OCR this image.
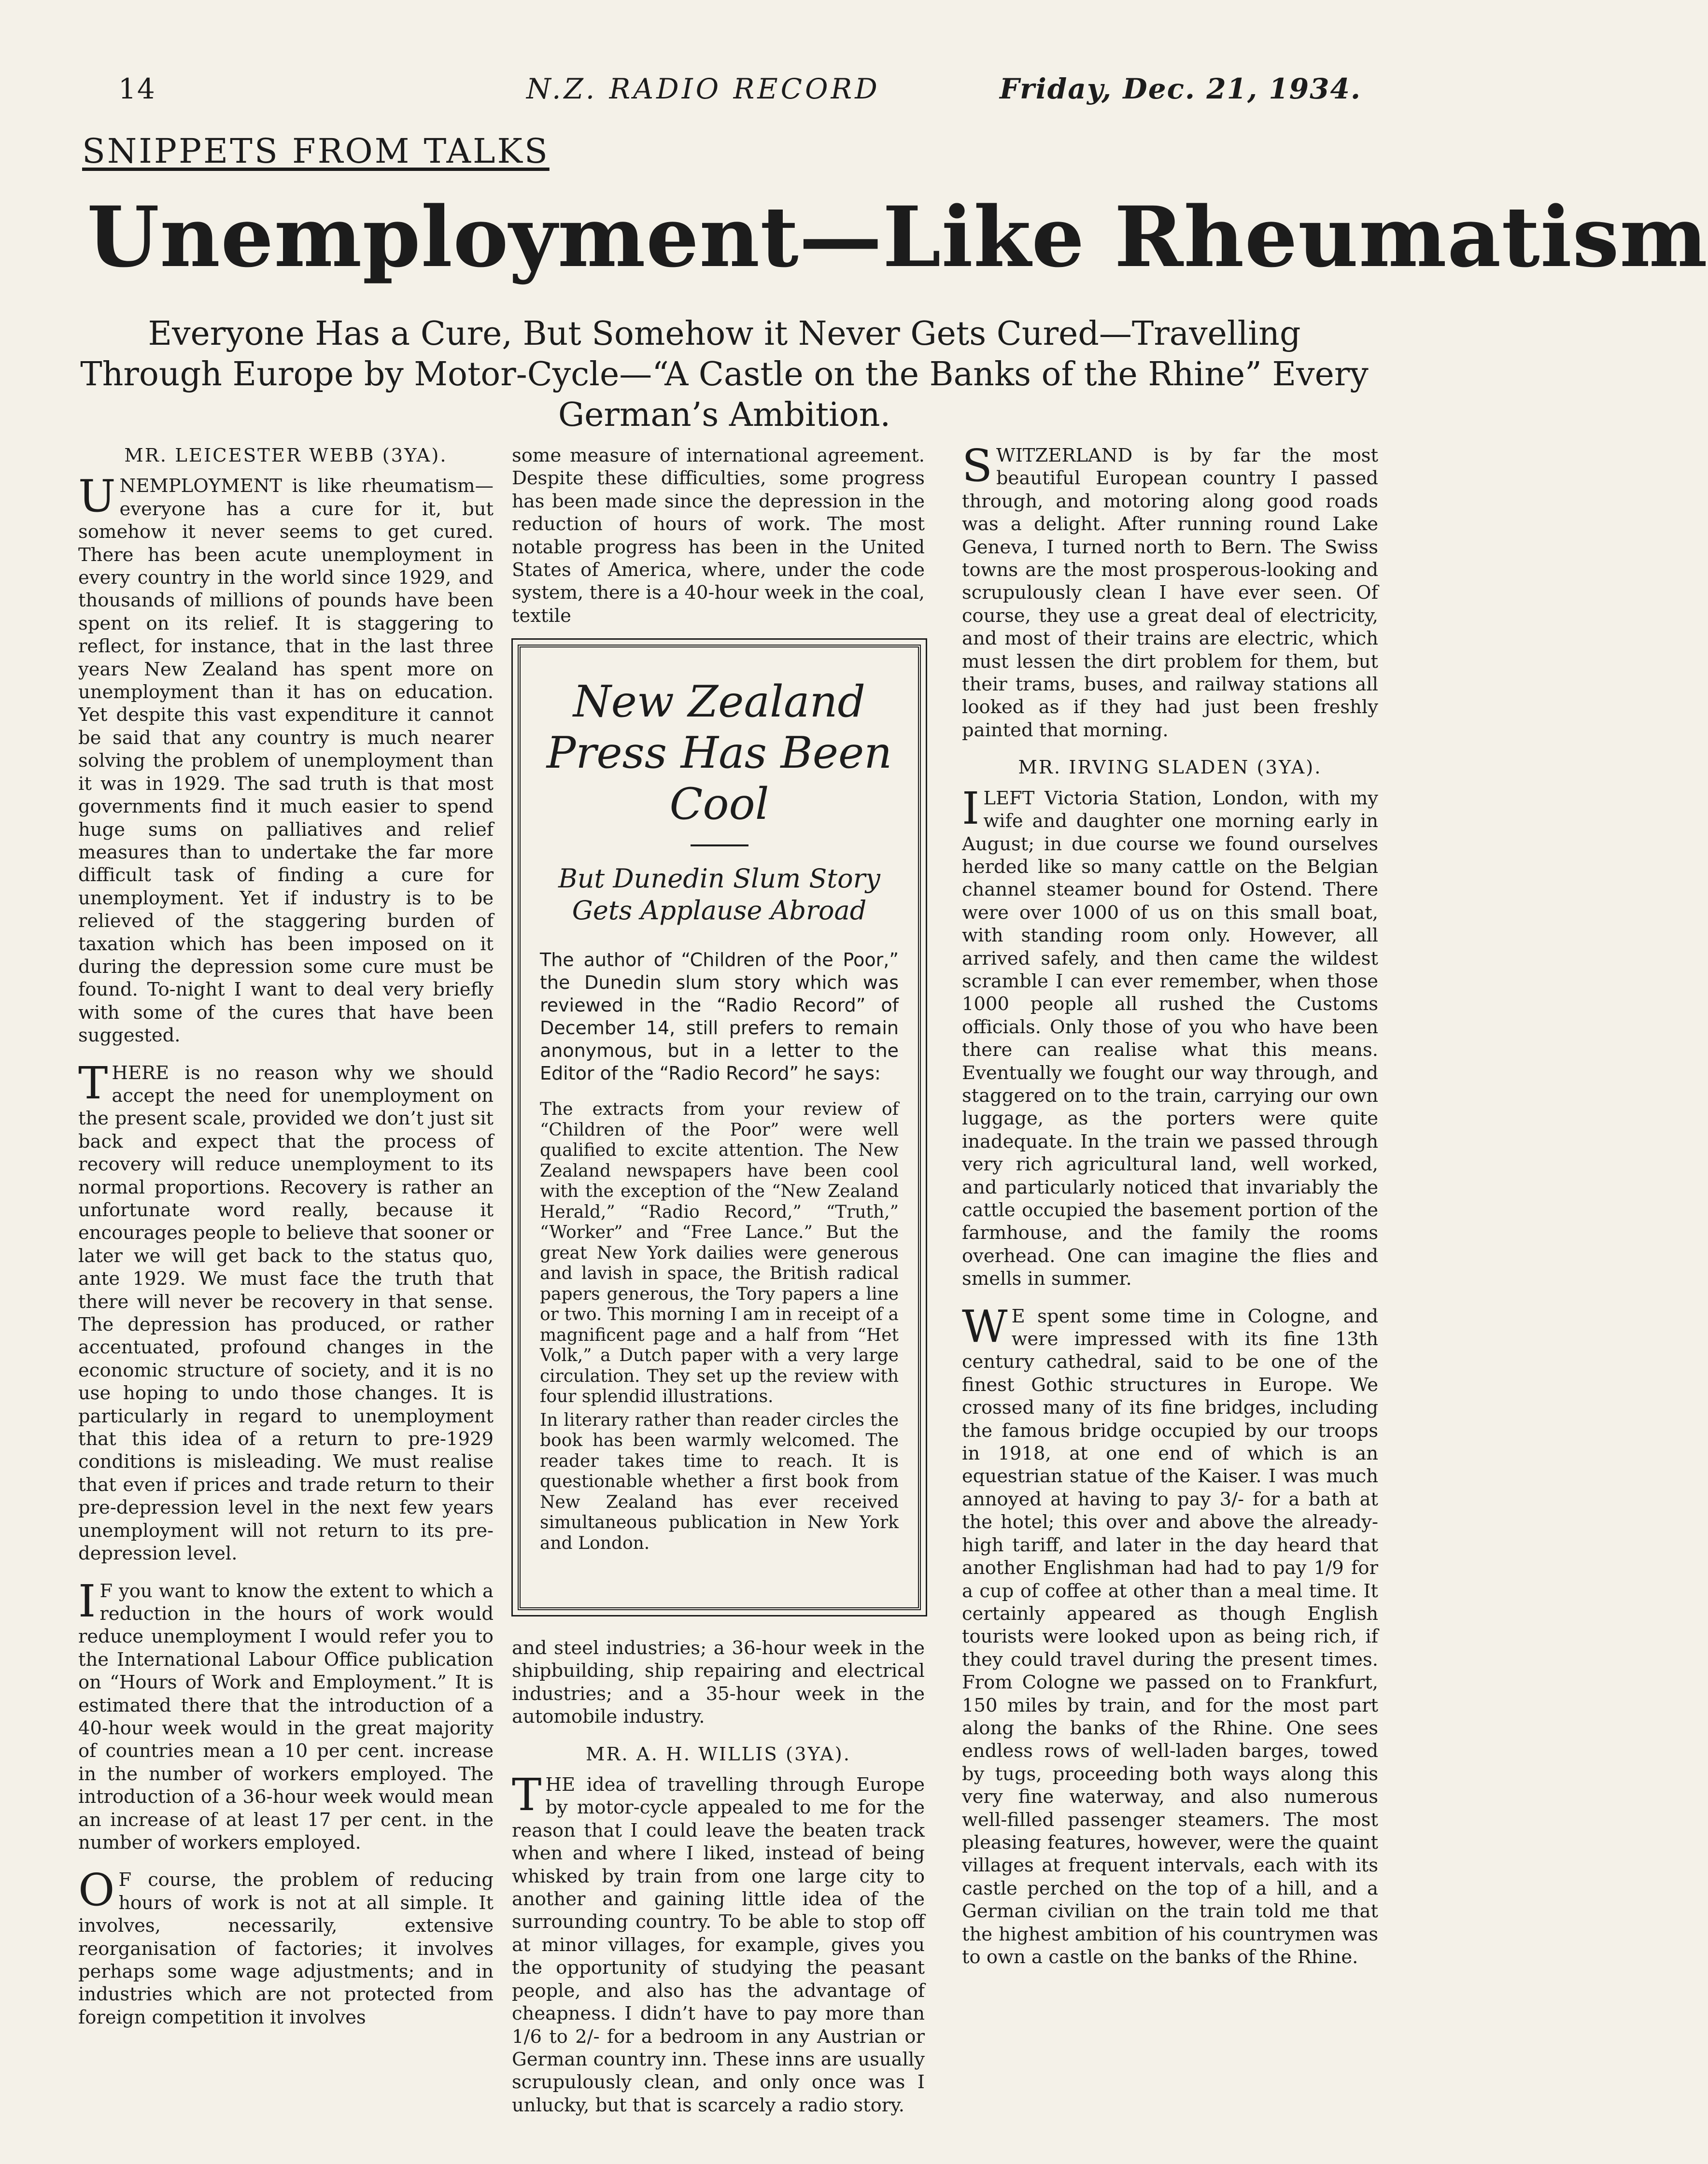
14	N.Z. RADIO RECORD	Friday, Dec. 21, 1934.
SNIPPETS FROM TALKS
Unemployment—Like Rheumatism
Everyone Has a Cure, But Somehow it Never Gets Cured—Travelling Through Europe by Motor-Cycle—“A Castle on the Banks of the Rhine” Every German’s Ambition.
MR. LEICESTER WEBB (3YA).

UNEMPLOYMENT is like rheumatism—everyone has a cure for it, but somehow it never seems to get cured. There has been acute unemployment in every country in the world since 1929, and thousands of millions of pounds have been spent on its relief. It is staggering to reflect, for instance, that in the last three years New Zealand has spent more on unemployment than it has on education. Yet despite this vast expenditure it cannot be said that any country is much nearer solving the problem of unemployment than it was in 1929. The sad truth is that most governments find it much easier to spend huge sums on palliatives and relief measures than to undertake the far more difficult task of finding a cure for unemployment. Yet if industry is to be relieved of the staggering burden of taxation which has been imposed on it during the depression some cure must be found. To-night I want to deal very briefly with some of the cures that have been suggested.

THERE is no reason why we should accept the need for unemployment on the present scale, provided we don’t just sit back and expect that the process of recovery will reduce unemployment to its normal proportions. Recovery is rather an unfortunate word really, because it encourages people to believe that sooner or later we will get back to the status quo, ante 1929. We must face the truth that there will never be recovery in that sense. The depression has produced, or rather accentuated, profound changes in the economic structure of society, and it is no use hoping to undo those changes. It is particularly in regard to unemployment that this idea of a return to pre-1929 conditions is misleading. We must realise that even if prices and trade return to their pre-depression level in the next few years unemployment will not return to its pre-depression level.

I F you want to know the extent to which a reduction in the hours of work would reduce unemployment I would refer you to the International Labour Office publication on “Hours of Work and Employment.” It is estimated there that the introduction of a 40-hour week would in the great majority of countries mean a 10 per cent. increase in the number of workers employed. The introduction of a 36-hour week would mean an increase of at least 17 per cent. in the number of workers employed.

O F course, the problem of reducing hours of work is not at all simple. It involves, necessarily, extensive reorganisation of factories; it involves perhaps some wage adjustments; and in industries which are not protected from foreign competition it involves

some measure of international agreement. Despite these difficulties, some progress has been made since the depression in the reduction of hours of work. The most notable progress has been in the United States of America, where, under the code system, there is a 40-hour week in the coal, textile

New Zealand Press Has Been Cool
But Dunedin Slum Story Gets Applause Abroad

The author of “Children of the Poor,” the Dunedin slum story which was reviewed in the “Radio Record” of December 14, still prefers to remain anonymous, but in a letter to the Editor of the “Radio Record” he says:

The extracts from your review of “Children of the Poor” were well qualified to excite attention. The New Zealand newspapers have been cool with the exception of the “New Zealand Herald,” “Radio Record,” “Truth,” “Worker” and “Free Lance.” But the great New York dailies were generous and lavish in space, the British radical papers generous, the Tory papers a line or two. This morning I am in receipt of a magnificent page and a half from “Het Volk,” a Dutch paper with a very large circulation. They set up the review with four splendid illustrations.

In literary rather than reader circles the book has been warmly welcomed. The reader takes time to reach. It is questionable whether a first book from New Zealand has ever received simultaneous publication in New York and London.

and steel industries; a 36-hour week in the shipbuilding, ship repairing and electrical industries; and a 35-hour week in the automobile industry.

MR. A. H. WILLIS (3YA).

THE idea of travelling through Europe by motor-cycle appealed to me for the reason that I could leave the beaten track when and where I liked, instead of being whisked by train from one large city to another and gaining little idea of the surrounding country. To be able to stop off at minor villages, for example, gives you the opportunity of studying the peasant people, and also has the advantage of cheapness. I didn’t have to pay more than 1/6 to 2/- for a bedroom in any Austrian or German country inn. These inns are usually scrupulously clean, and only once was I unlucky, but that is scarcely a radio story.

SWITZERLAND is by far the most beautiful European country I passed through, and motoring along good roads was a delight. After running round Lake Geneva, I turned north to Bern. The Swiss towns are the most prosperous-looking and scrupulously clean I have ever seen. Of course, they use a great deal of electricity, and most of their trains are electric, which must lessen the dirt problem for them, but their trams, buses, and railway stations all looked as if they had just been freshly painted that morning.

MR. IRVING SLADEN (3YA).

ILEFT Victoria Station, London, with my wife and daughter one morning early in August; in due course we found ourselves herded like so many cattle on the Belgian channel steamer bound for Ostend. There were over 1000 of us on this small boat, with standing room only. However, all arrived safely, and then came the wildest scramble I can ever remember, when those 1000 people all rushed the Customs officials. Only those of you who have been there can realise what this means. Eventually we fought our way through, and staggered on to the train, carrying our own luggage, as the porters were quite inadequate. In the train we passed through very rich agricultural land, well worked, and particularly noticed that invariably the cattle occupied the basement portion of the farmhouse, and the family the rooms overhead. One can imagine the flies and smells in summer.

W E spent some time in Cologne, and were impressed with its fine 13th century cathedral, said to be one of the finest Gothic structures in Europe. We crossed many of its fine bridges, including the famous bridge occupied by our troops in 1918, at one end of which is an equestrian statue of the Kaiser. I was much annoyed at having to pay 3/- for a bath at the hotel; this over and above the already-high tariff, and later in the day heard that another Englishman had had to pay 1/9 for a cup of coffee at other than a meal time. It certainly appeared as though English tourists were looked upon as being rich, if they could travel during the present times. From Cologne we passed on to Frankfurt, 150 miles by train, and for the most part along the banks of the Rhine. One sees endless rows of well-laden barges, towed by tugs, proceeding both ways along this very fine waterway, and also numerous well-filled passenger steamers. The most pleasing features, however, were the quaint villages at frequent intervals, each with its castle perched on the top of a hill, and a German civilian on the train told me that the highest ambition of his countrymen was to own a castle on the banks of the Rhine.
